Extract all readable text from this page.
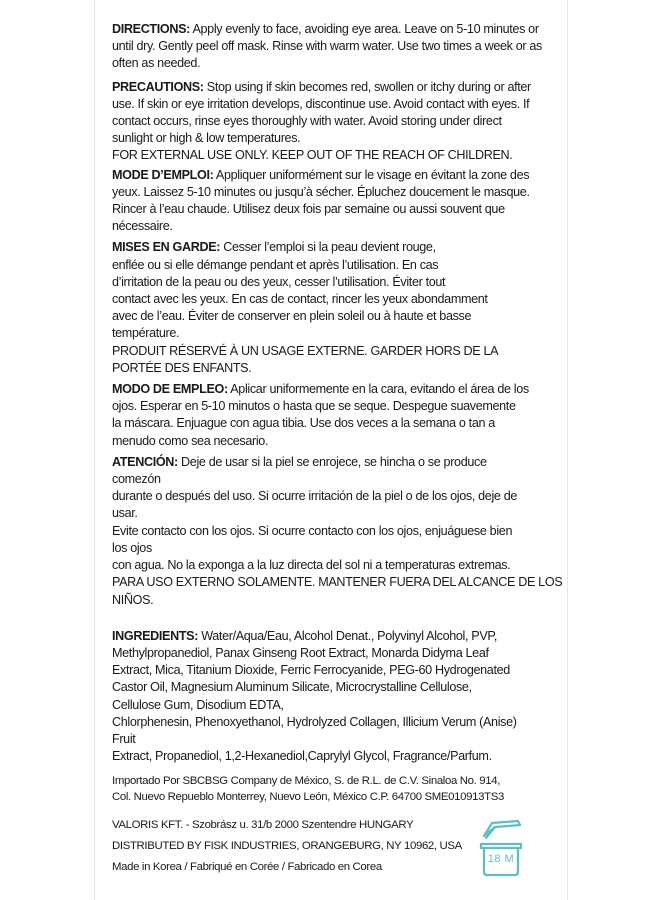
DIRECTIONS: Apply evenly to face, avoiding eye area. Leave on 5-10 minutes or
until dry. Gently peel off mask. Rinse with warm water. Use two times a week or as
often as needed.
PRECAUTIONS: Stop using if skin becomes red, swollen or itchy during or after
use. If skin or eye irritation develops, discontinue use. Avoid contact with eyes. If
contact occurs, rinse eyes thoroughly with water. Avoid storing under direct
sunlight or high & low temperatures.
FOR EXTERNAL USE ONLY. KEEP OUT OF THE REACH OF CHILDREN.
MODE D’EMPLOI: Appliquer uniformément sur le visage en évitant la zone des
yeux. Laissez 5-10 minutes ou jusqu’à sécher. Épluchez doucement le masque.
Rincer à l’eau chaude. Utilisez deux fois par semaine ou aussi souvent que
nécessaire.
MISES EN GARDE: Cesser l’emploi si la peau devient rouge,
enflée ou si elle démange pendant et après l’utilisation. En cas
d’irritation de la peau ou des yeux, cesser l’utilisation. Éviter tout
contact avec les yeux. En cas de contact, rincer les yeux abondamment
avec de l’eau. Éviter de conserver en plein soleil ou à haute et basse
température.
PRODUIT RÉSERVÉ À UN USAGE EXTERNE. GARDER HORS DE LA
PORTÉE DES ENFANTS.
MODO DE EMPLEO: Aplicar uniformemente en la cara, evitando el área de los
ojos. Esperar en 5-10 minutos o hasta que se seque. Despegue suavemente
la máscara. Enjuague con agua tibia. Use dos veces a la semana o tan a
menudo como sea necesario.
ATENCIÓN: Deje de usar si la piel se enrojece, se hincha o se produce
comezón
durante o después del uso. Si ocurre irritación de la piel o de los ojos, deje de
usar.
Evite contacto con los ojos. Si ocurre contacto con los ojos, enjuáguese bien
los ojos
con agua. No la exponga a la luz directa del sol ni a temperaturas extremas.
PARA USO EXTERNO SOLAMENTE. MANTENER FUERA DEL ALCANCE DE LOS
NIÑOS.
INGREDIENTS: Water/Aqua/Eau, Alcohol Denat., Polyvinyl Alcohol, PVP,
Methylpropanediol, Panax Ginseng Root Extract, Monarda Didyma Leaf
Extract, Mica, Titanium Dioxide, Ferric Ferrocyanide, PEG-60 Hydrogenated
Castor Oil, Magnesium Aluminum Silicate, Microcrystalline Cellulose,
Cellulose Gum, Disodium EDTA,
Chlorphenesin, Phenoxyethanol, Hydrolyzed Collagen, Illicium Verum (Anise)
Fruit
Extract, Propanediol, 1,2-Hexanediol,Caprylyl Glycol, Fragrance/Parfum.
Importado Por SBCBSG Company de México, S. de R.L. de C.V. Sinaloa No. 914,
Col. Nuevo Repueblo Monterrey, Nuevo León, México C.P. 64700 SME010913TS3
VALORIS KFT. - Szobrász u. 31/b 2000 Szentendre HUNGARY
DISTRIBUTED BY FISK INDUSTRIES, ORANGEBURG, NY 10962, USA
Made in Korea / Fabriqué en Corée / Fabricado en Corea
18 M
